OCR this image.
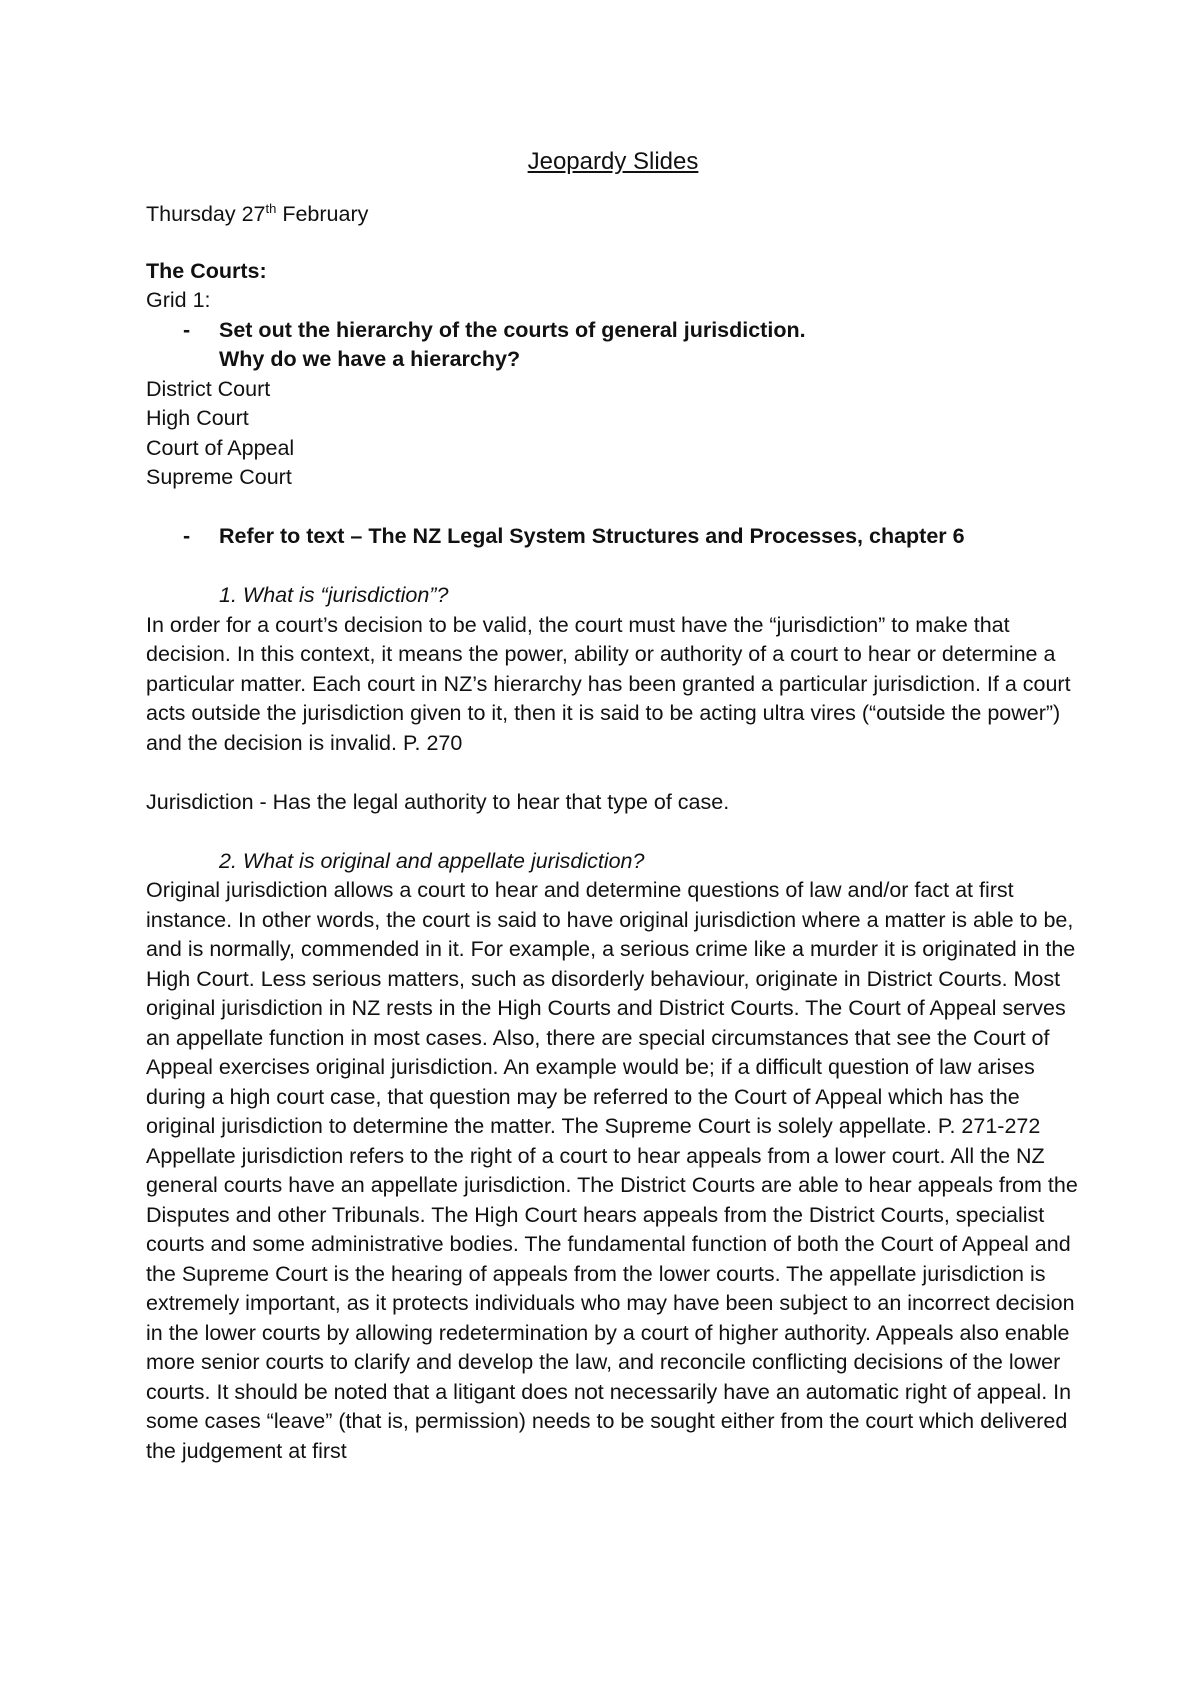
Jeopardy Slides

Thursday 27th February

The Courts:

Grid 1:

- Set out the hierarchy of the courts of general jurisdiction.

Why do we have a hierarchy?

District Court

High Court

Court of Appeal

Supreme Court

- Refer to text – The NZ Legal System Structures and Processes, chapter 6

1. What is “jurisdiction”?

In order for a court’s decision to be valid, the court must have the “jurisdiction” to make that decision. In this context, it means the power, ability or authority of a court to hear or determine a particular matter. Each court in NZ’s hierarchy has been granted a particular jurisdiction. If a court acts outside the jurisdiction given to it, then it is said to be acting ultra vires (“outside the power”) and the decision is invalid. P. 270

Jurisdiction - Has the legal authority to hear that type of case.

2. What is original and appellate jurisdiction?

Original jurisdiction allows a court to hear and determine questions of law and/or fact at first instance. In other words, the court is said to have original jurisdiction where a matter is able to be, and is normally, commended in it. For example, a serious crime like a murder it is originated in the High Court. Less serious matters, such as disorderly behaviour, originate in District Courts. Most original jurisdiction in NZ rests in the High Courts and District Courts. The Court of Appeal serves an appellate function in most cases. Also, there are special circumstances that see the Court of Appeal exercises original jurisdiction. An example would be; if a difficult question of law arises during a high court case, that question may be referred to the Court of Appeal which has the original jurisdiction to determine the matter. The Supreme Court is solely appellate. P. 271-272

Appellate jurisdiction refers to the right of a court to hear appeals from a lower court. All the NZ general courts have an appellate jurisdiction. The District Courts are able to hear appeals from the Disputes and other Tribunals. The High Court hears appeals from the District Courts, specialist courts and some administrative bodies. The fundamental function of both the Court of Appeal and the Supreme Court is the hearing of appeals from the lower courts. The appellate jurisdiction is extremely important, as it protects individuals who may have been subject to an incorrect decision in the lower courts by allowing redetermination by a court of higher authority. Appeals also enable more senior courts to clarify and develop the law, and reconcile conflicting decisions of the lower courts. It should be noted that a litigant does not necessarily have an automatic right of appeal. In some cases “leave” (that is, permission) needs to be sought either from the court which delivered the judgement at first
